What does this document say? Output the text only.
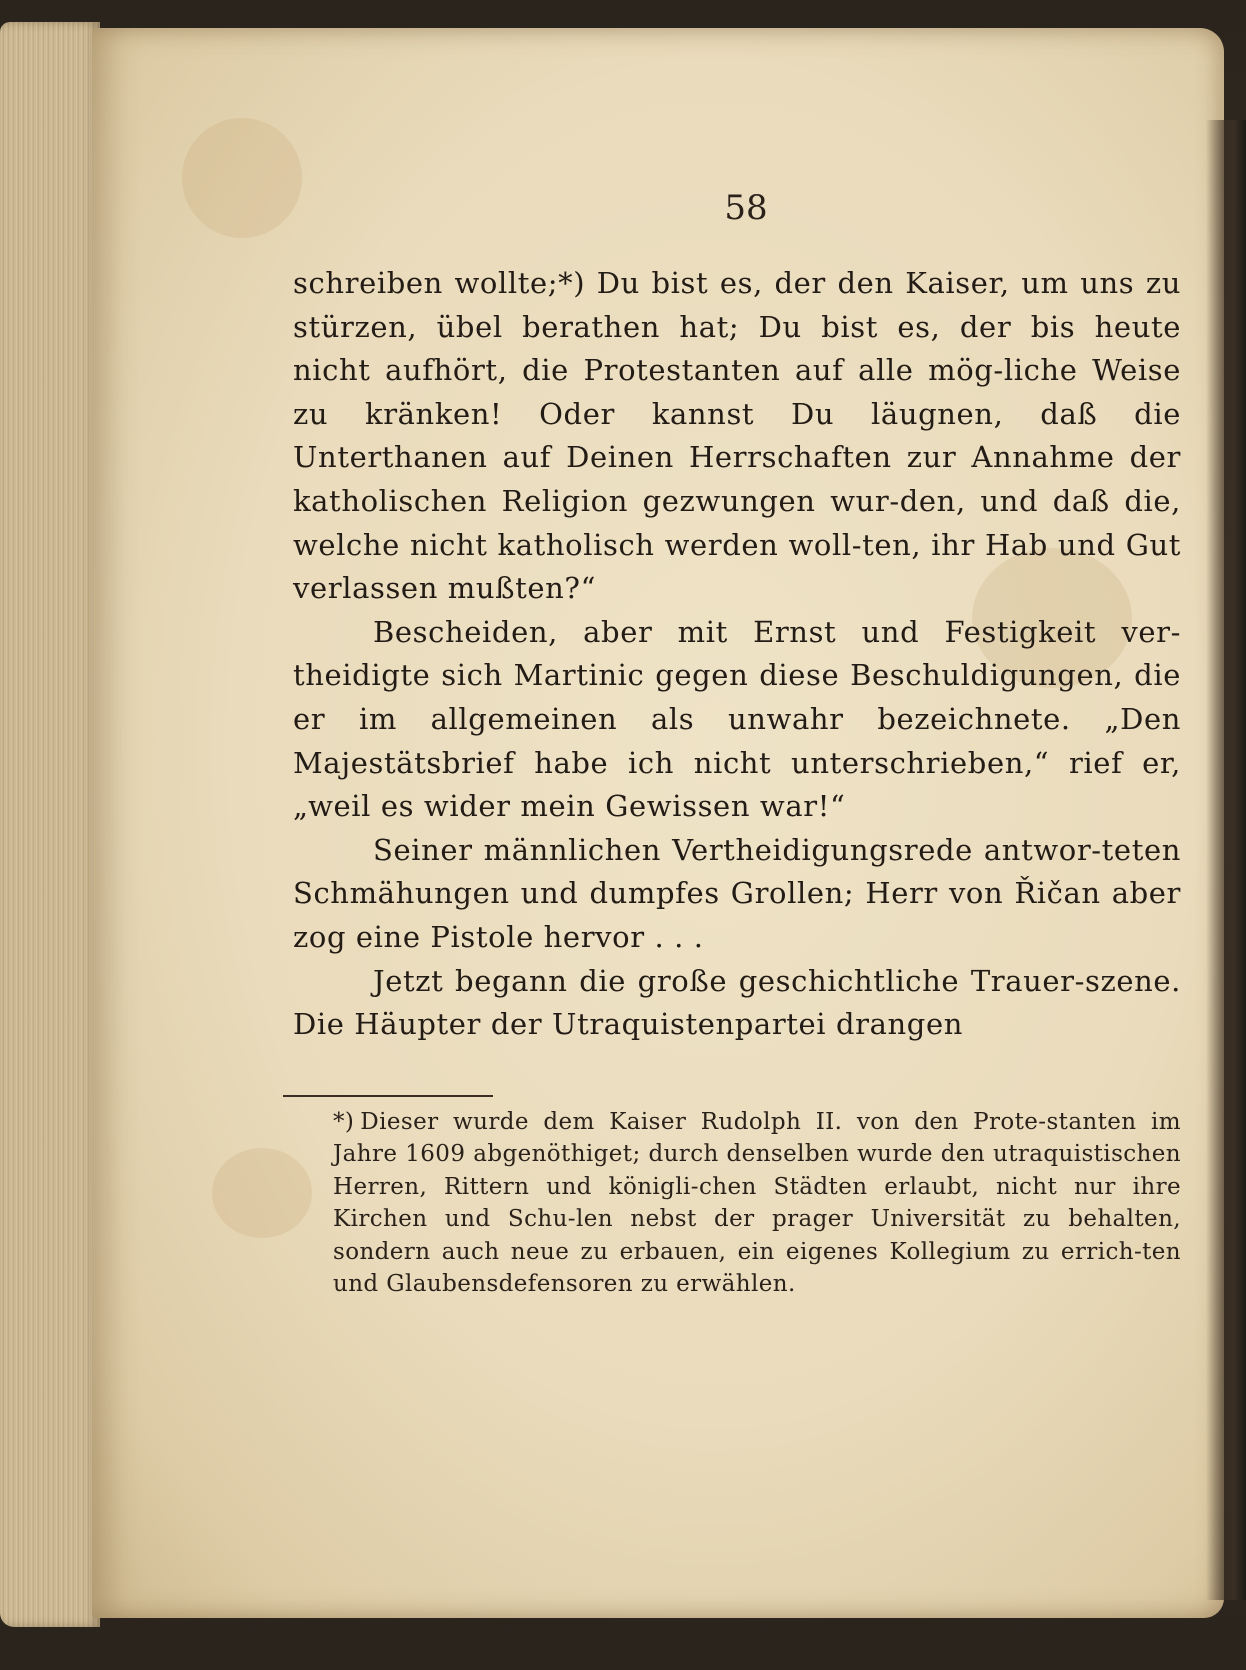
58

schreiben wollte;*) Du bist es, der den Kaiser, um uns zu stürzen, übel berathen hat; Du bist es, der bis heute nicht aufhört, die Protestanten auf alle mög-liche Weise zu kränken! Oder kannst Du läugnen, daß die Unterthanen auf Deinen Herrschaften zur Annahme der katholischen Religion gezwungen wur-den, und daß die, welche nicht katholisch werden woll-ten, ihr Hab und Gut verlassen mußten?“

Bescheiden, aber mit Ernst und Festigkeit ver-theidigte sich Martinic gegen diese Beschuldigungen, die er im allgemeinen als unwahr bezeichnete. „Den Majestätsbrief habe ich nicht unterschrieben,“ rief er, „weil es wider mein Gewissen war!“

Seiner männlichen Vertheidigungsrede antwor-teten Schmähungen und dumpfes Grollen; Herr von Řičan aber zog eine Pistole hervor . . .

Jetzt begann die große geschichtliche Trauer-szene. Die Häupter der Utraquistenpartei drangen

*) Dieser wurde dem Kaiser Rudolph II. von den Prote-stanten im Jahre 1609 abgenöthiget; durch denselben wurde den utraquistischen Herren, Rittern und königli-chen Städten erlaubt, nicht nur ihre Kirchen und Schu-len nebst der prager Universität zu behalten, sondern auch neue zu erbauen, ein eigenes Kollegium zu errich-ten und Glaubensdefensoren zu erwählen.
